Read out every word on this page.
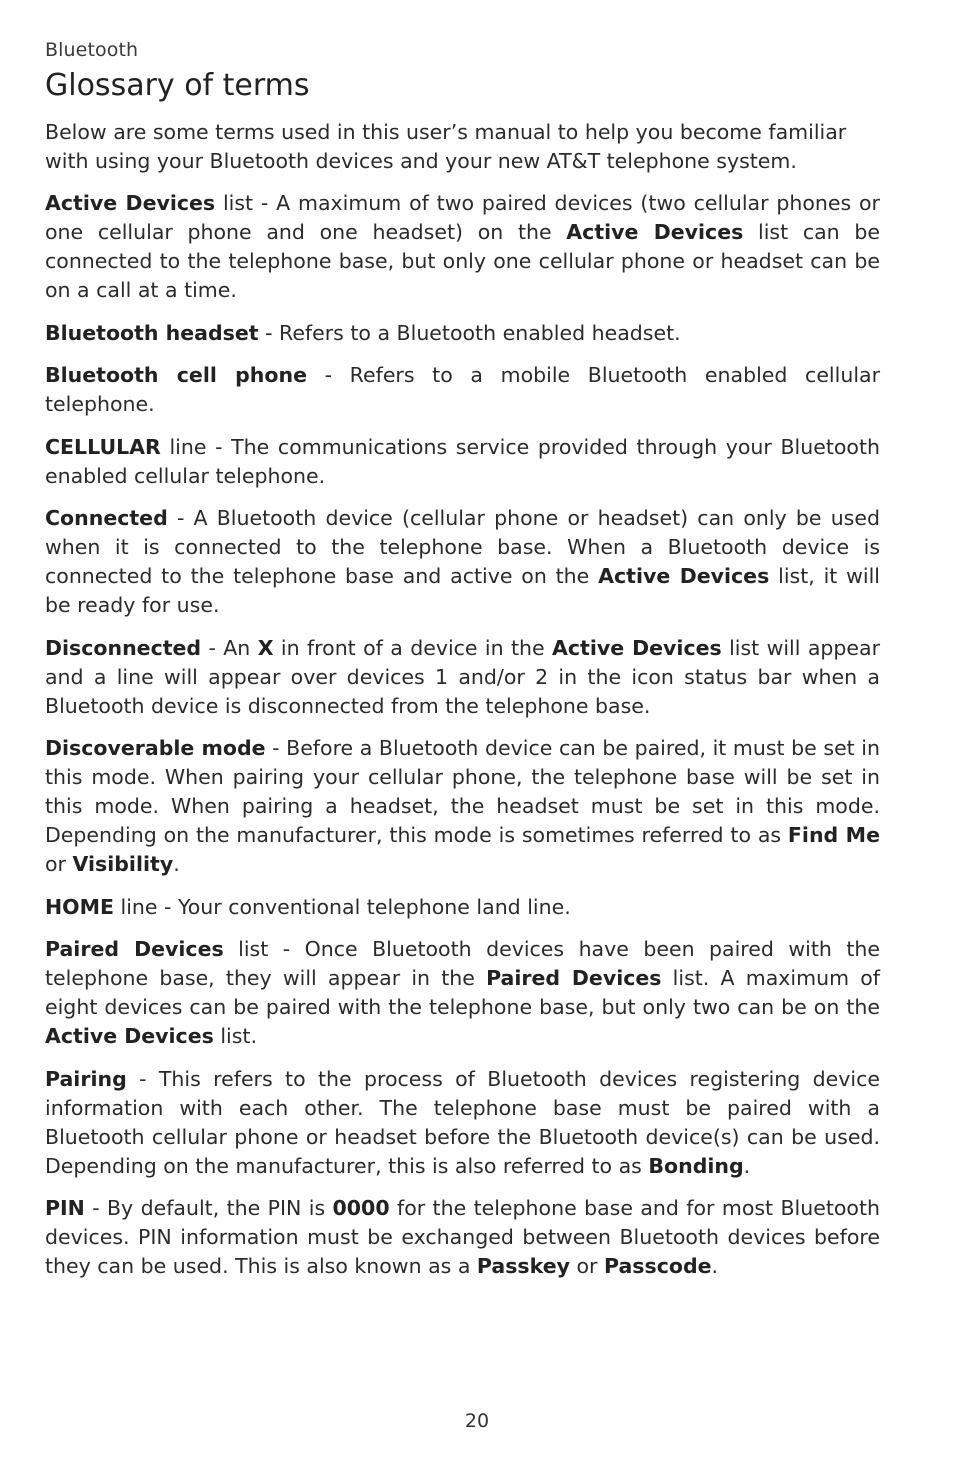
Bluetooth

Glossary of terms

Below are some terms used in this user’s manual to help you become familiar with using your Bluetooth devices and your new AT&T telephone system.

Active Devices list - A maximum of two paired devices (two cellular phones or one cellular phone and one headset) on the Active Devices list can be connected to the telephone base, but only one cellular phone or headset can be on a call at a time.

Bluetooth headset - Refers to a Bluetooth enabled headset.

Bluetooth cell phone - Refers to a mobile Bluetooth enabled cellular telephone.

CELLULAR line - The communications service provided through your Bluetooth enabled cellular telephone.

Connected - A Bluetooth device (cellular phone or headset) can only be used when it is connected to the telephone base. When a Bluetooth device is connected to the telephone base and active on the Active Devices list, it will be ready for use.

Disconnected - An X in front of a device in the Active Devices list will appear and a line will appear over devices 1 and/or 2 in the icon status bar when a Bluetooth device is disconnected from the telephone base.

Discoverable mode - Before a Bluetooth device can be paired, it must be set in this mode. When pairing your cellular phone, the telephone base will be set in this mode. When pairing a headset, the headset must be set in this mode. Depending on the manufacturer, this mode is sometimes referred to as Find Me or Visibility.

HOME line - Your conventional telephone land line.

Paired Devices list - Once Bluetooth devices have been paired with the telephone base, they will appear in the Paired Devices list. A maximum of eight devices can be paired with the telephone base, but only two can be on the Active Devices list.

Pairing - This refers to the process of Bluetooth devices registering device information with each other. The telephone base must be paired with a Bluetooth cellular phone or headset before the Bluetooth device(s) can be used. Depending on the manufacturer, this is also referred to as Bonding.

PIN - By default, the PIN is 0000 for the telephone base and for most Bluetooth devices. PIN information must be exchanged between Bluetooth devices before they can be used. This is also known as a Passkey or Passcode.

20
